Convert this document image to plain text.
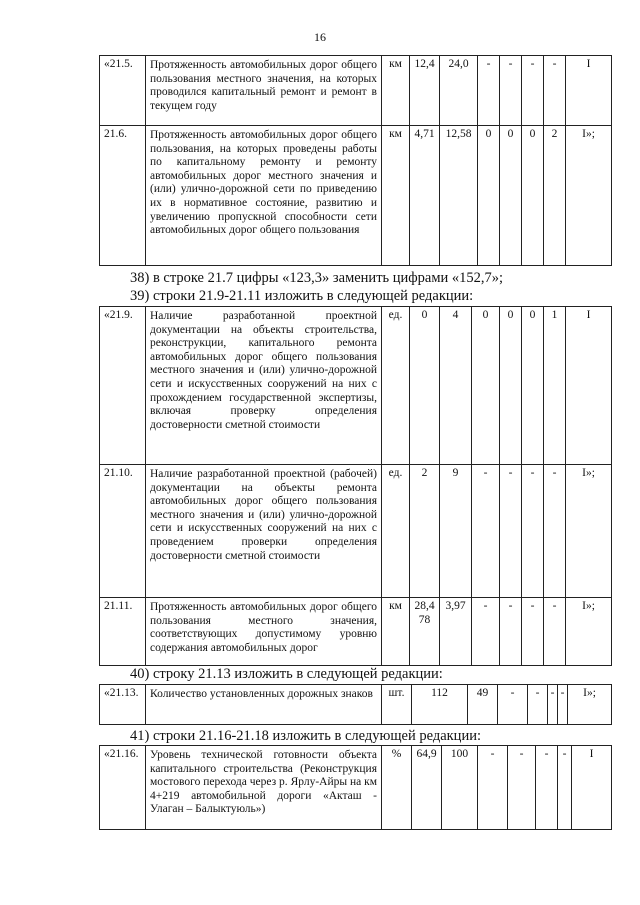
16
«21.5.	Протяженность автомобильных дорог общего пользования местного значения, на которых проводился капитальный ремонт и ремонт в текущем году	км	12,4	24,0	-	-	-	-	I
21.6.	Протяженность автомобильных дорог общего пользования, на которых проведены работы по капитальному ремонту и ремонту автомобильных дорог местного значения и (или) улично-дорожной сети по приведению их в нормативное состояние, развитию и увеличению пропускной способности сети автомобильных дорог общего пользования	км	4,71	12,58	0	0	0	2	I»;
38) в строке 21.7 цифры «123,3» заменить цифрами «152,7»;
39) строки 21.9-21.11 изложить в следующей редакции:
«21.9.	Наличие разработанной проектной документации на объекты строительства, реконструкции, капитального ремонта автомобильных дорог общего пользования местного значения и (или) улично-дорожной сети и искусственных сооружений на них с прохождением государственной экспертизы, включая проверку определения достоверности сметной стоимости	ед.	0	4	0	0	0	1	I
21.10.	Наличие разработанной проектной (рабочей) документации на объекты ремонта автомобильных дорог общего пользования местного значения и (или) улично-дорожной сети и искусственных сооружений на них с проведением проверки определения достоверности сметной стоимости	ед.	2	9	-	-	-	-	I»;
21.11.	Протяженность автомобильных дорог общего пользования местного значения, соответствующих допустимому уровню содержания автомобильных дорог	км	28,478	3,97	-	-	-	-	I»;
40) строку 21.13 изложить в следующей редакции:
«21.13.	Количество установленных дорожных знаков	шт.	112	49	-	-	-	-	I»;
41) строки 21.16-21.18 изложить в следующей редакции:
«21.16.	Уровень технической готовности объекта капитального строительства (Реконструкция мостового перехода через р. Ярлу-Айры на км 4+219 автомобильной дороги «Акташ - Улаган – Балыктуюль»)	%	64,9	100	-	-	-	-	I
